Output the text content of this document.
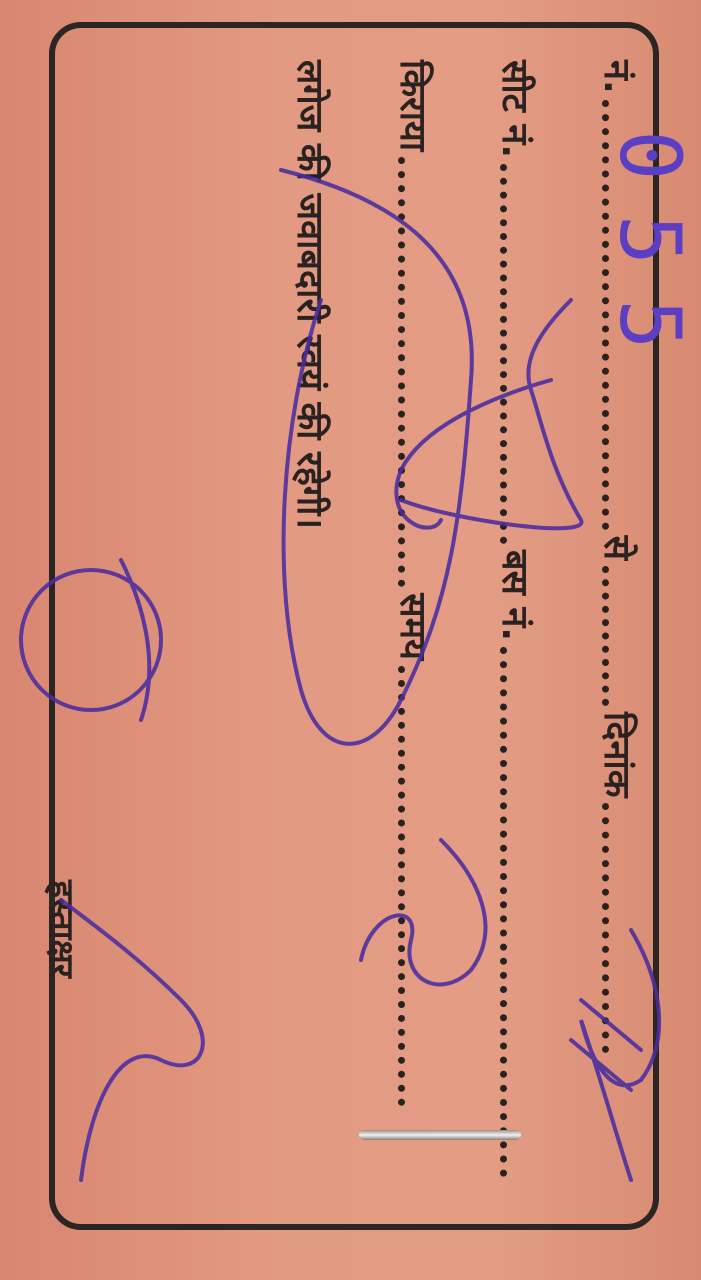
055
नं.
से
दिनांक
सीट नं.
बस नं.
किराया
समय
लगेज की जवाबदारी स्वयं की रहेगी।
हस्ताक्षर
